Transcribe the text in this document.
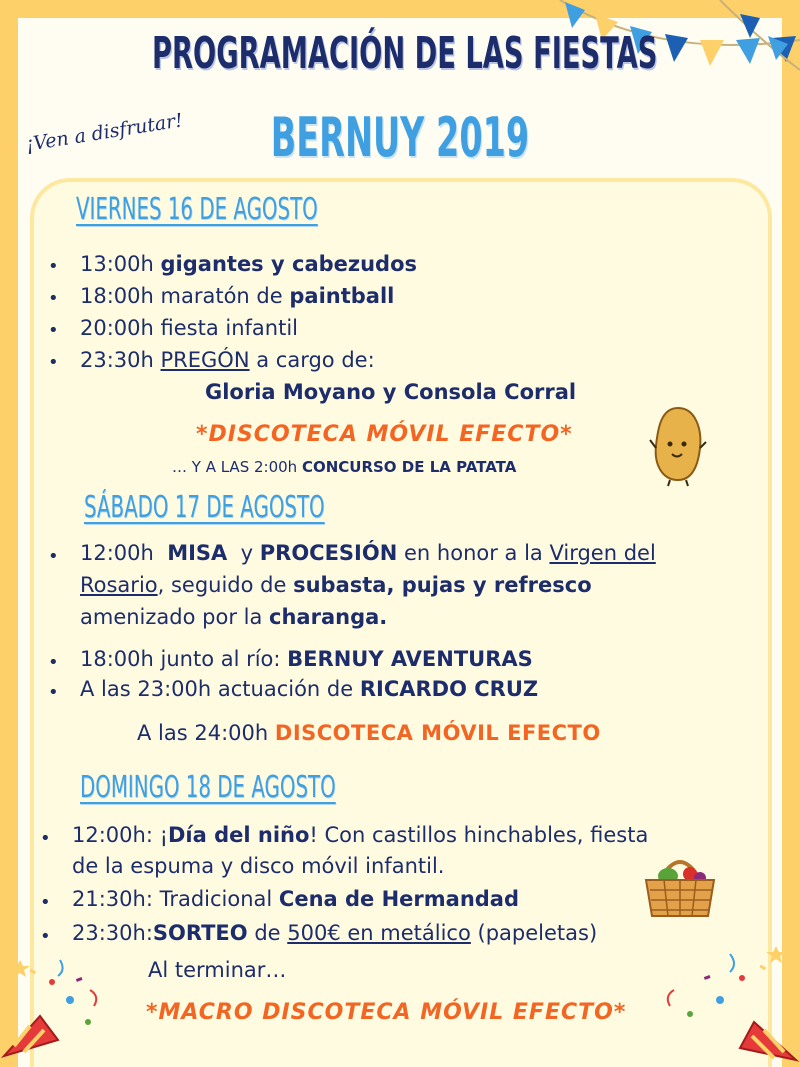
PROGRAMACIÓN DE LAS FIESTAS
BERNUY 2019
¡Ven a disfrutar!
VIERNES 16 DE AGOSTO
• 13:00h gigantes y cabezudos
• 18:00h maratón de paintball
• 20:00h fiesta infantil
• 23:30h PREGÓN a cargo de:
Gloria Moyano y Consola Corral
*DISCOTECA MÓVIL EFECTO*
… Y A LAS 2:00h CONCURSO DE LA PATATA
SÁBADO 17 DE AGOSTO
• 12:00h MISA y PROCESIÓN en honor a la Virgen del
Rosario, seguido de subasta, pujas y refresco
amenizado por la charanga.
• 18:00h junto al río: BERNUY AVENTURAS
• A las 23:00h actuación de RICARDO CRUZ
A las 24:00h DISCOTECA MÓVIL EFECTO
DOMINGO 18 DE AGOSTO
• 12:00h: ¡Día del niño! Con castillos hinchables, fiesta
de la espuma y disco móvil infantil.
• 21:30h: Tradicional Cena de Hermandad
• 23:30h:SORTEO de 500€ en metálico (papeletas)
Al terminar…
*MACRO DISCOTECA MÓVIL EFECTO*
